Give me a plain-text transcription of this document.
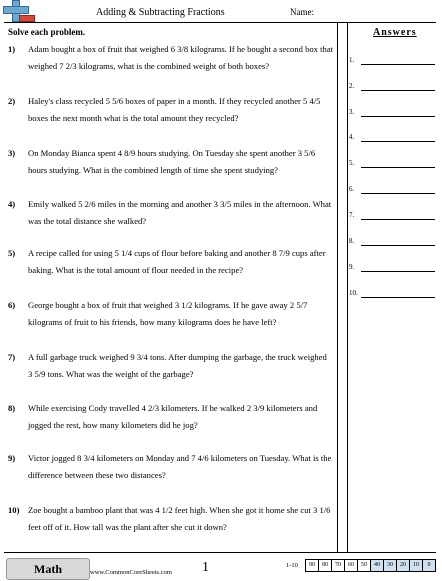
Adding & Subtracting Fractions	Name:
Answers
Solve each problem.
1) Adam bought a box of fruit that weighed 6 3/8 kilograms. If he bought a second box that weighed 7 2/3 kilograms, what is the combined weight of both boxes?
2) Haley's class recycled 5 5/6 boxes of paper in a month. If they recycled another 5 4/5 boxes the next month what is the total amount they recycled?
3) On Monday Bianca spent 4 8/9 hours studying. On Tuesday she spent another 3 5/6 hours studying. What is the combined length of time she spent studying?
4) Emily walked 5 2/6 miles in the morning and another 3 3/5 miles in the afternoon. What was the total distance she walked?
5) A recipe called for using 5 1/4 cups of flour before baking and another 8 7/9 cups after baking. What is the total amount of flour needed in the recipe?
6) George bought a box of fruit that weighed 3 1/2 kilograms. If he gave away 2 5/7 kilograms of fruit to his friends, how many kilograms does he have left?
7) A full garbage truck weighed 9 3/4 tons. After dumping the garbage, the truck weighed 3 5/9 tons. What was the weight of the garbage?
8) While exercising Cody travelled 4 2/3 kilometers. If he walked 2 3/9 kilometers and jogged the rest, how many kilometers did he jog?
9) Victor jogged 8 3/4 kilometers on Monday and 7 4/6 kilometers on Tuesday. What is the difference between these two distances?
10) Zoe bought a bamboo plant that was 4 1/2 feet high. When she got it home she cut 3 1/6 feet off of it. How tall was the plant after she cut it down?
1.
2.
3.
4.
5.
6.
7.
8.
9.
10.
Math	www.CommonCoreSheets.com 1	1-10	90	80	70	60	50	40	30	20	10	0
